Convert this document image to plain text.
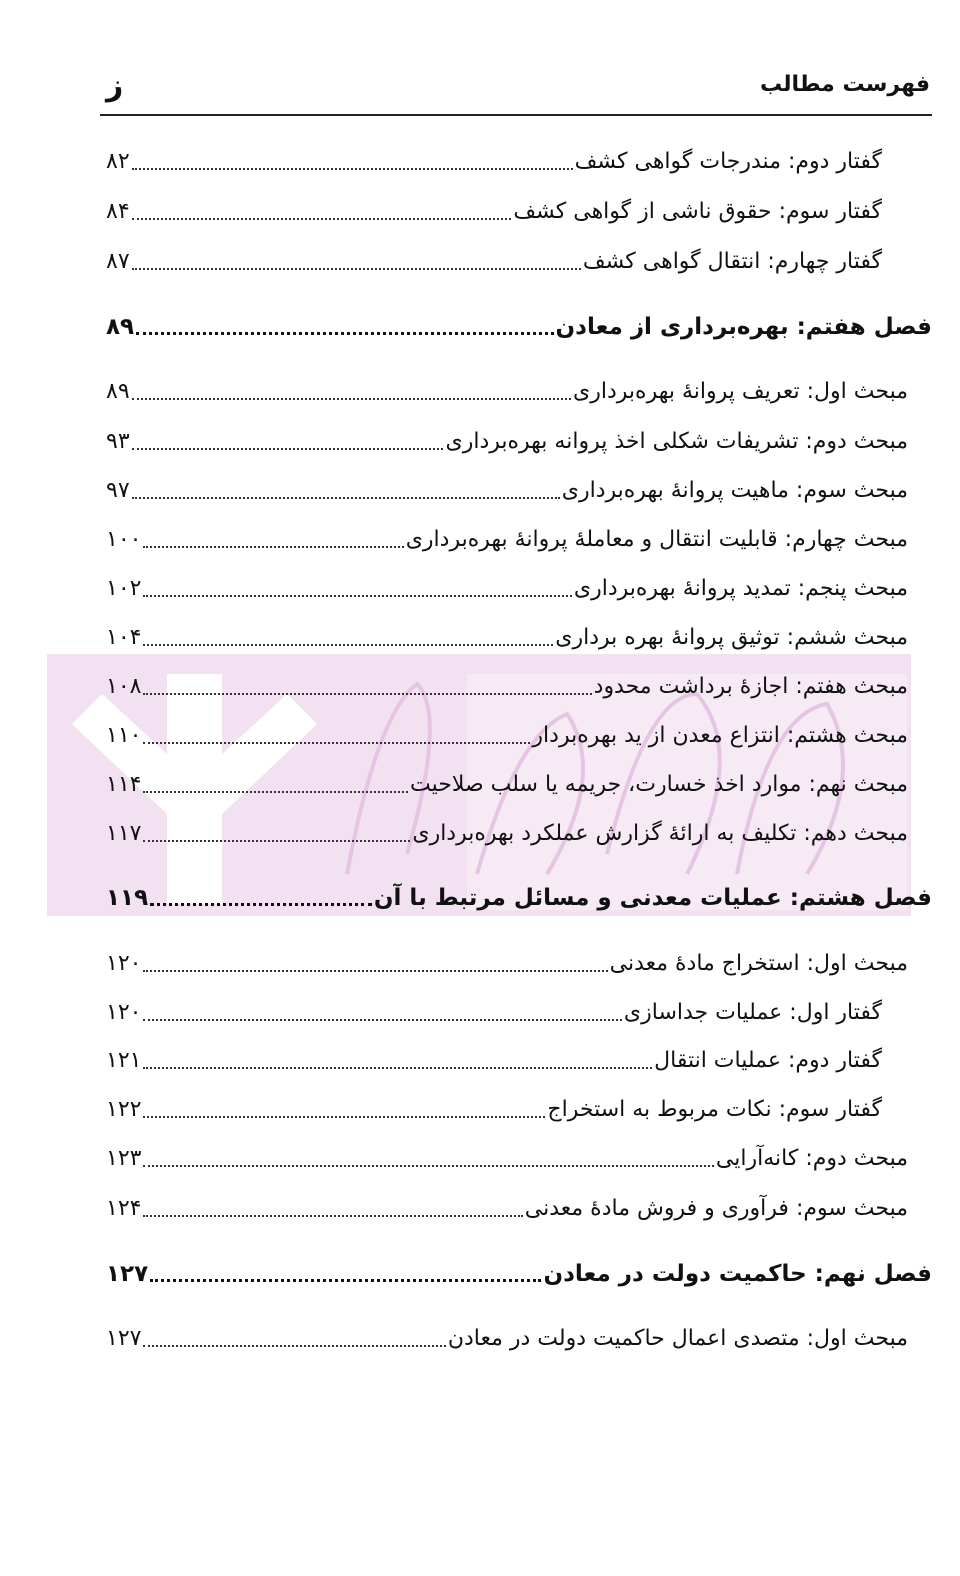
فهرست مطالب
ز
گفتار دوم: مندرجات گواهی کشف
۸۲
گفتار سوم: حقوق ناشی از گواهی کشف
۸۴
گفتار چهارم: انتقال گواهی کشف
۸۷
فصل هفتم: بهره‌برداری از معادن
۸۹
مبحث اول: تعریف پروانۀ بهره‌برداری
۸۹
مبحث دوم: تشریفات شکلی اخذ پروانه بهره‌برداری
۹۳
مبحث سوم: ماهیت پروانۀ بهره‌برداری
۹۷
مبحث چهارم: قابلیت انتقال و معاملۀ پروانۀ بهره‌برداری
۱۰۰
مبحث پنجم: تمدید پروانۀ بهره‌برداری
۱۰۲
مبحث ششم: توثیق پروانۀ بهره برداری
۱۰۴
مبحث هفتم: اجازۀ برداشت محدود
۱۰۸
مبحث هشتم: انتزاع معدن از ید بهره‌بردار
۱۱۰
مبحث نهم: موارد اخذ خسارت، جریمه یا سلب صلاحیت
۱۱۴
مبحث دهم: تکلیف به ارائۀ گزارش عملکرد بهره‌برداری
۱۱۷
فصل هشتم: عملیات معدنی و مسائل مرتبط با آن
۱۱۹
مبحث اول: استخراج مادۀ معدنی
۱۲۰
گفتار اول: عملیات جداسازی
۱۲۰
گفتار دوم: عملیات انتقال
۱۲۱
گفتار سوم: نکات مربوط به استخراج
۱۲۲
مبحث دوم: کانه‌آرایی
۱۲۳
مبحث سوم: فرآوری و فروش مادۀ معدنی
۱۲۴
فصل نهم: حاکمیت دولت در معادن
۱۲۷
مبحث اول: متصدی اعمال حاکمیت دولت در معادن
۱۲۷
